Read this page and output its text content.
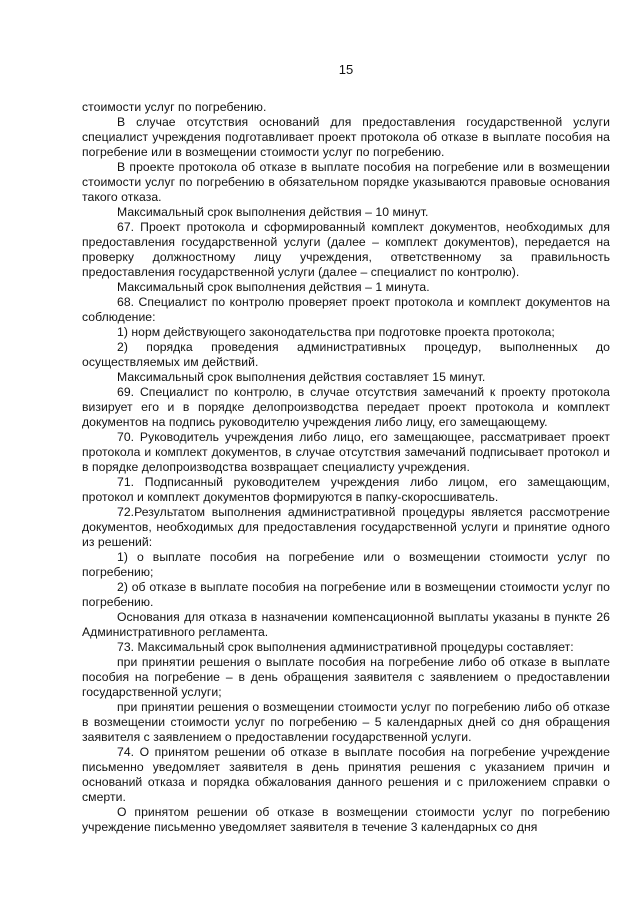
15

стоимости услуг по погребению.

В случае отсутствия оснований для предоставления государственной услуги специалист учреждения подготавливает проект протокола об отказе в выплате пособия на погребение или в возмещении стоимости услуг по погребению.

В проекте протокола об отказе в выплате пособия на погребение или в возмещении стоимости услуг по погребению в обязательном порядке указываются правовые основания такого отказа.

Максимальный срок выполнения действия – 10 минут.

67. Проект протокола и сформированный комплект документов, необходимых для предоставления государственной услуги (далее – комплект документов), передается на проверку должностному лицу учреждения, ответственному за правильность предоставления государственной услуги (далее – специалист по контролю).

Максимальный срок выполнения действия – 1 минута.

68. Специалист по контролю проверяет проект протокола и комплект документов на соблюдение:

1) норм действующего законодательства при подготовке проекта протокола;

2) порядка проведения административных процедур, выполненных до осуществляемых им действий.

Максимальный срок выполнения действия составляет 15 минут.

69. Специалист по контролю, в случае отсутствия замечаний к проекту протокола визирует его и в порядке делопроизводства передает проект протокола и комплект документов на подпись руководителю учреждения либо лицу, его замещающему.

70. Руководитель учреждения либо лицо, его замещающее, рассматривает проект протокола и комплект документов, в случае отсутствия замечаний подписывает протокол и в порядке делопроизводства возвращает специалисту учреждения.

71. Подписанный руководителем учреждения либо лицом, его замещающим, протокол и комплект документов формируются в папку-скоросшиватель.

72.Результатом выполнения административной процедуры является рассмотрение документов, необходимых для предоставления государственной услуги и принятие одного из решений:

1) о выплате пособия на погребение или о возмещении стоимости услуг по погребению;

2) об отказе в выплате пособия на погребение или в возмещении стоимости услуг по погребению.

Основания для отказа в назначении компенсационной выплаты указаны в пункте 26 Административного регламента.

73. Максимальный срок выполнения административной процедуры составляет:

при принятии решения о выплате пособия на погребение либо об отказе в выплате пособия на погребение – в день обращения заявителя с заявлением о предоставлении государственной услуги;

при принятии решения о возмещении стоимости услуг по погребению либо об отказе в возмещении стоимости услуг по погребению – 5 календарных дней со дня обращения заявителя с заявлением о предоставлении государственной услуги.

74. О принятом решении об отказе в выплате пособия на погребение учреждение письменно уведомляет заявителя в день принятия решения с указанием причин и оснований отказа и порядка обжалования данного решения и с приложением справки о смерти.

О принятом решении об отказе в возмещении стоимости услуг по погребению учреждение письменно уведомляет заявителя в течение 3 календарных со дня
